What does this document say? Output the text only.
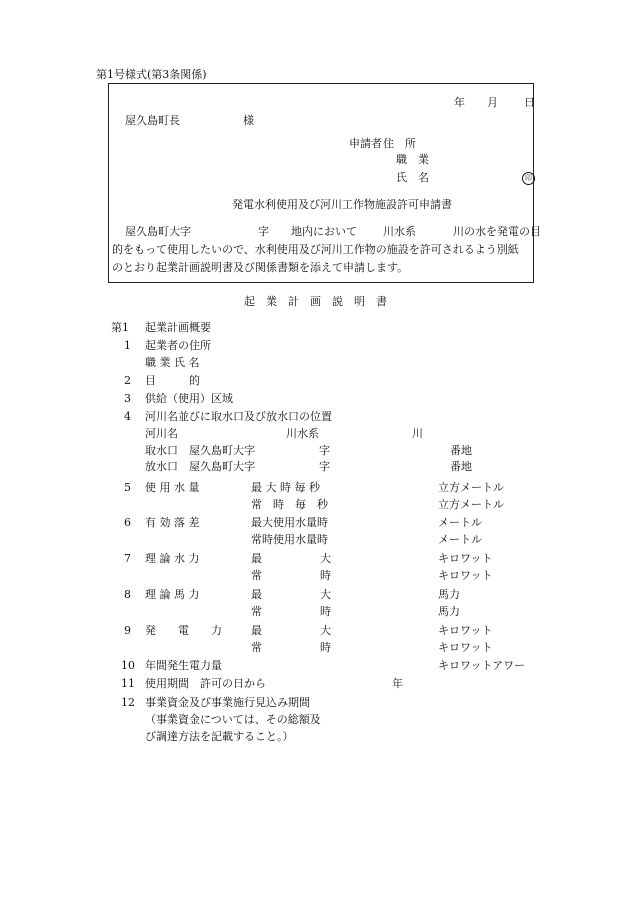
第1号様式(第3条関係)
年 月 日
屋久島町長	様
申請者 住　所
職　業
氏　名	印
発電水利使用及び河川工作物施設許可申請書
屋久島町大字	字 地内において 川水系	川の水を発電の目
的をもって使用したいので、水利使用及び河川工作物の施設を許可されるよう別紙
のとおり起業計画説明書及び関係書類を添えて申請します。
起　業　計　画　説　明　書
第1 起業計画概要
1 起業者の住所
職 業 氏 名
2 目　　　的
3 供給（使用）区域
4 河川名並びに取水口及び放水口の位置
河川名	川水系	川
取水口　屋久島町大字	字	番地
放水口　屋久島町大字	字	番地
5 使 用 水 量	最 大 時 毎 秒	立方メートル
常　時　毎　秒	立方メートル
6 有 効 落 差	最大使用水量時	メートル
常時使用水量時	メートル
7 理 論 水 力	最	大	キロワット
常	時	キロワット
8 理 論 馬 力	最	大	馬力
常	時	馬力
9 発　　電　　力	最	大	キロワット
常	時	キロワット
10 年間発生電力量	キロワットアワー
11 使用期間　許可の日から	年
12 事業資金及び事業施行見込み期間
（事業資金については、その総額及
び調達方法を記載すること。）
